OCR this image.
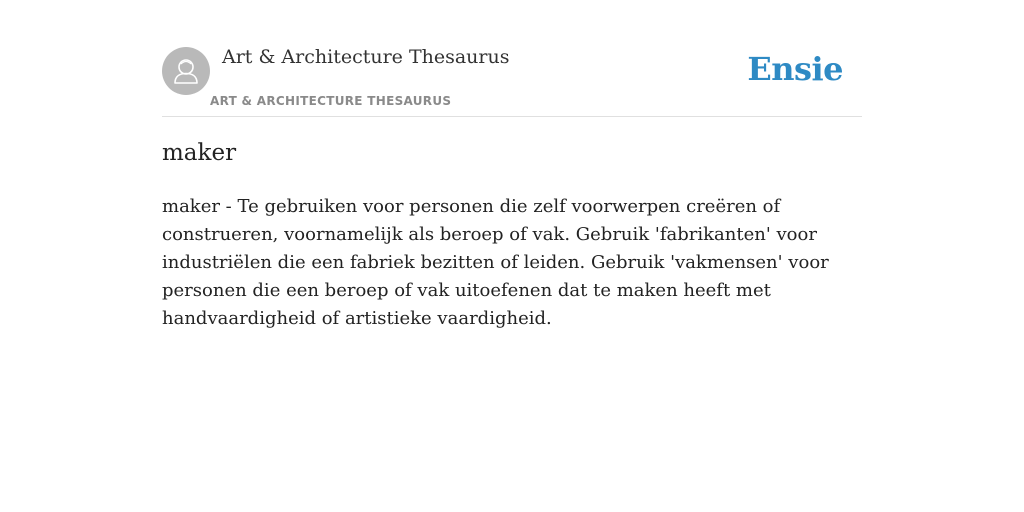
Art & Architecture Thesaurus
ART & ARCHITECTURE THESAURUS
Ensie
maker

maker - Te gebruiken voor personen die zelf voorwerpen creëren of construeren, voornamelijk als beroep of vak. Gebruik 'fabrikanten' voor industriëlen die een fabriek bezitten of leiden. Gebruik 'vakmensen' voor personen die een beroep of vak uitoefenen dat te maken heeft met handvaardigheid of artistieke vaardigheid.
